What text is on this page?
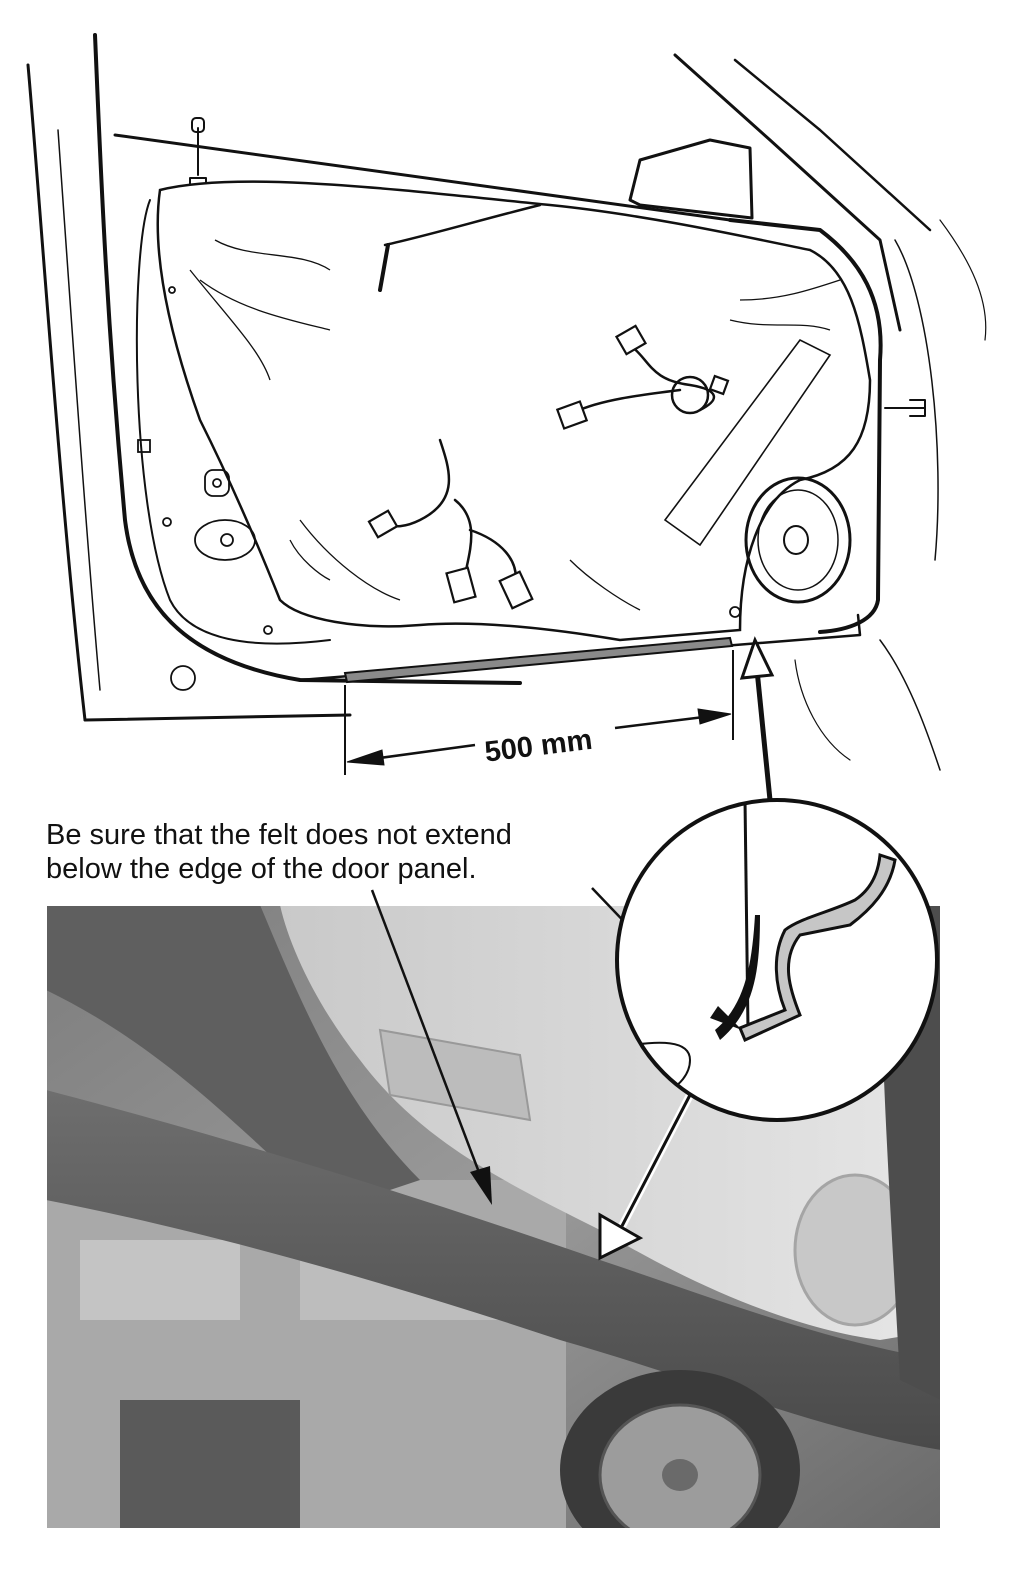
500 mm

Be sure that the felt does not extend
below the edge of the door panel.
